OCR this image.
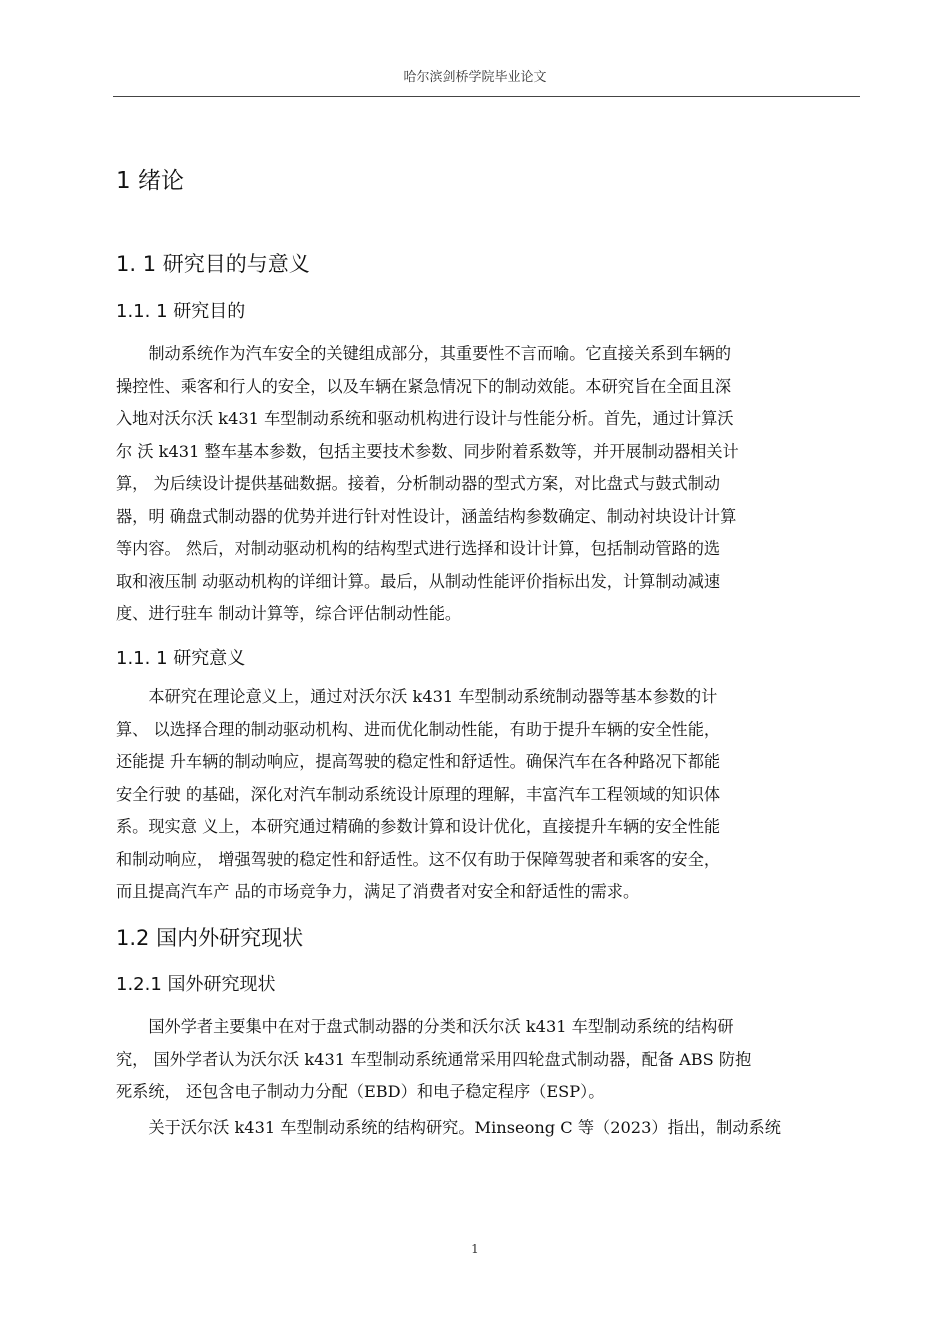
哈尔滨剑桥学院毕业论文
1 绪论
1. 1 研究目的与意义
1.1. 1 研究目的
　　制动系统作为汽车安全的关键组成部分，其重要性不言而喻。它直接关系到车辆的
操控性、乘客和行人的安全，以及车辆在紧急情况下的制动效能。本研究旨在全面且深
入地对沃尔沃 k431 车型制动系统和驱动机构进行设计与性能分析。首先，通过计算沃
尔 沃 k431 整车基本参数，包括主要技术参数、同步附着系数等，并开展制动器相关计
算， 为后续设计提供基础数据。接着，分析制动器的型式方案，对比盘式与鼓式制动
器，明 确盘式制动器的优势并进行针对性设计，涵盖结构参数确定、制动衬块设计计算
等内容。 然后，对制动驱动机构的结构型式进行选择和设计计算，包括制动管路的选
取和液压制 动驱动机构的详细计算。最后，从制动性能评价指标出发，计算制动减速
度、进行驻车 制动计算等，综合评估制动性能。
1.1. 1 研究意义
　　本研究在理论意义上，通过对沃尔沃 k431 车型制动系统制动器等基本参数的计
算、 以选择合理的制动驱动机构、进而优化制动性能，有助于提升车辆的安全性能，
还能提 升车辆的制动响应，提高驾驶的稳定性和舒适性。确保汽车在各种路况下都能
安全行驶 的基础，深化对汽车制动系统设计原理的理解，丰富汽车工程领域的知识体
系。现实意 义上，本研究通过精确的参数计算和设计优化，直接提升车辆的安全性能
和制动响应， 增强驾驶的稳定性和舒适性。这不仅有助于保障驾驶者和乘客的安全，
而且提高汽车产 品的市场竞争力，满足了消费者对安全和舒适性的需求。
1.2 国内外研究现状
1.2.1 国外研究现状
　　国外学者主要集中在对于盘式制动器的分类和沃尔沃 k431 车型制动系统的结构研
究， 国外学者认为沃尔沃 k431 车型制动系统通常采用四轮盘式制动器，配备 ABS 防抱
死系统， 还包含电子制动力分配（EBD）和电子稳定程序（ESP）。
　　关于沃尔沃 k431 车型制动系统的结构研究。Minseong C 等（2023）指出，制动系统
1
